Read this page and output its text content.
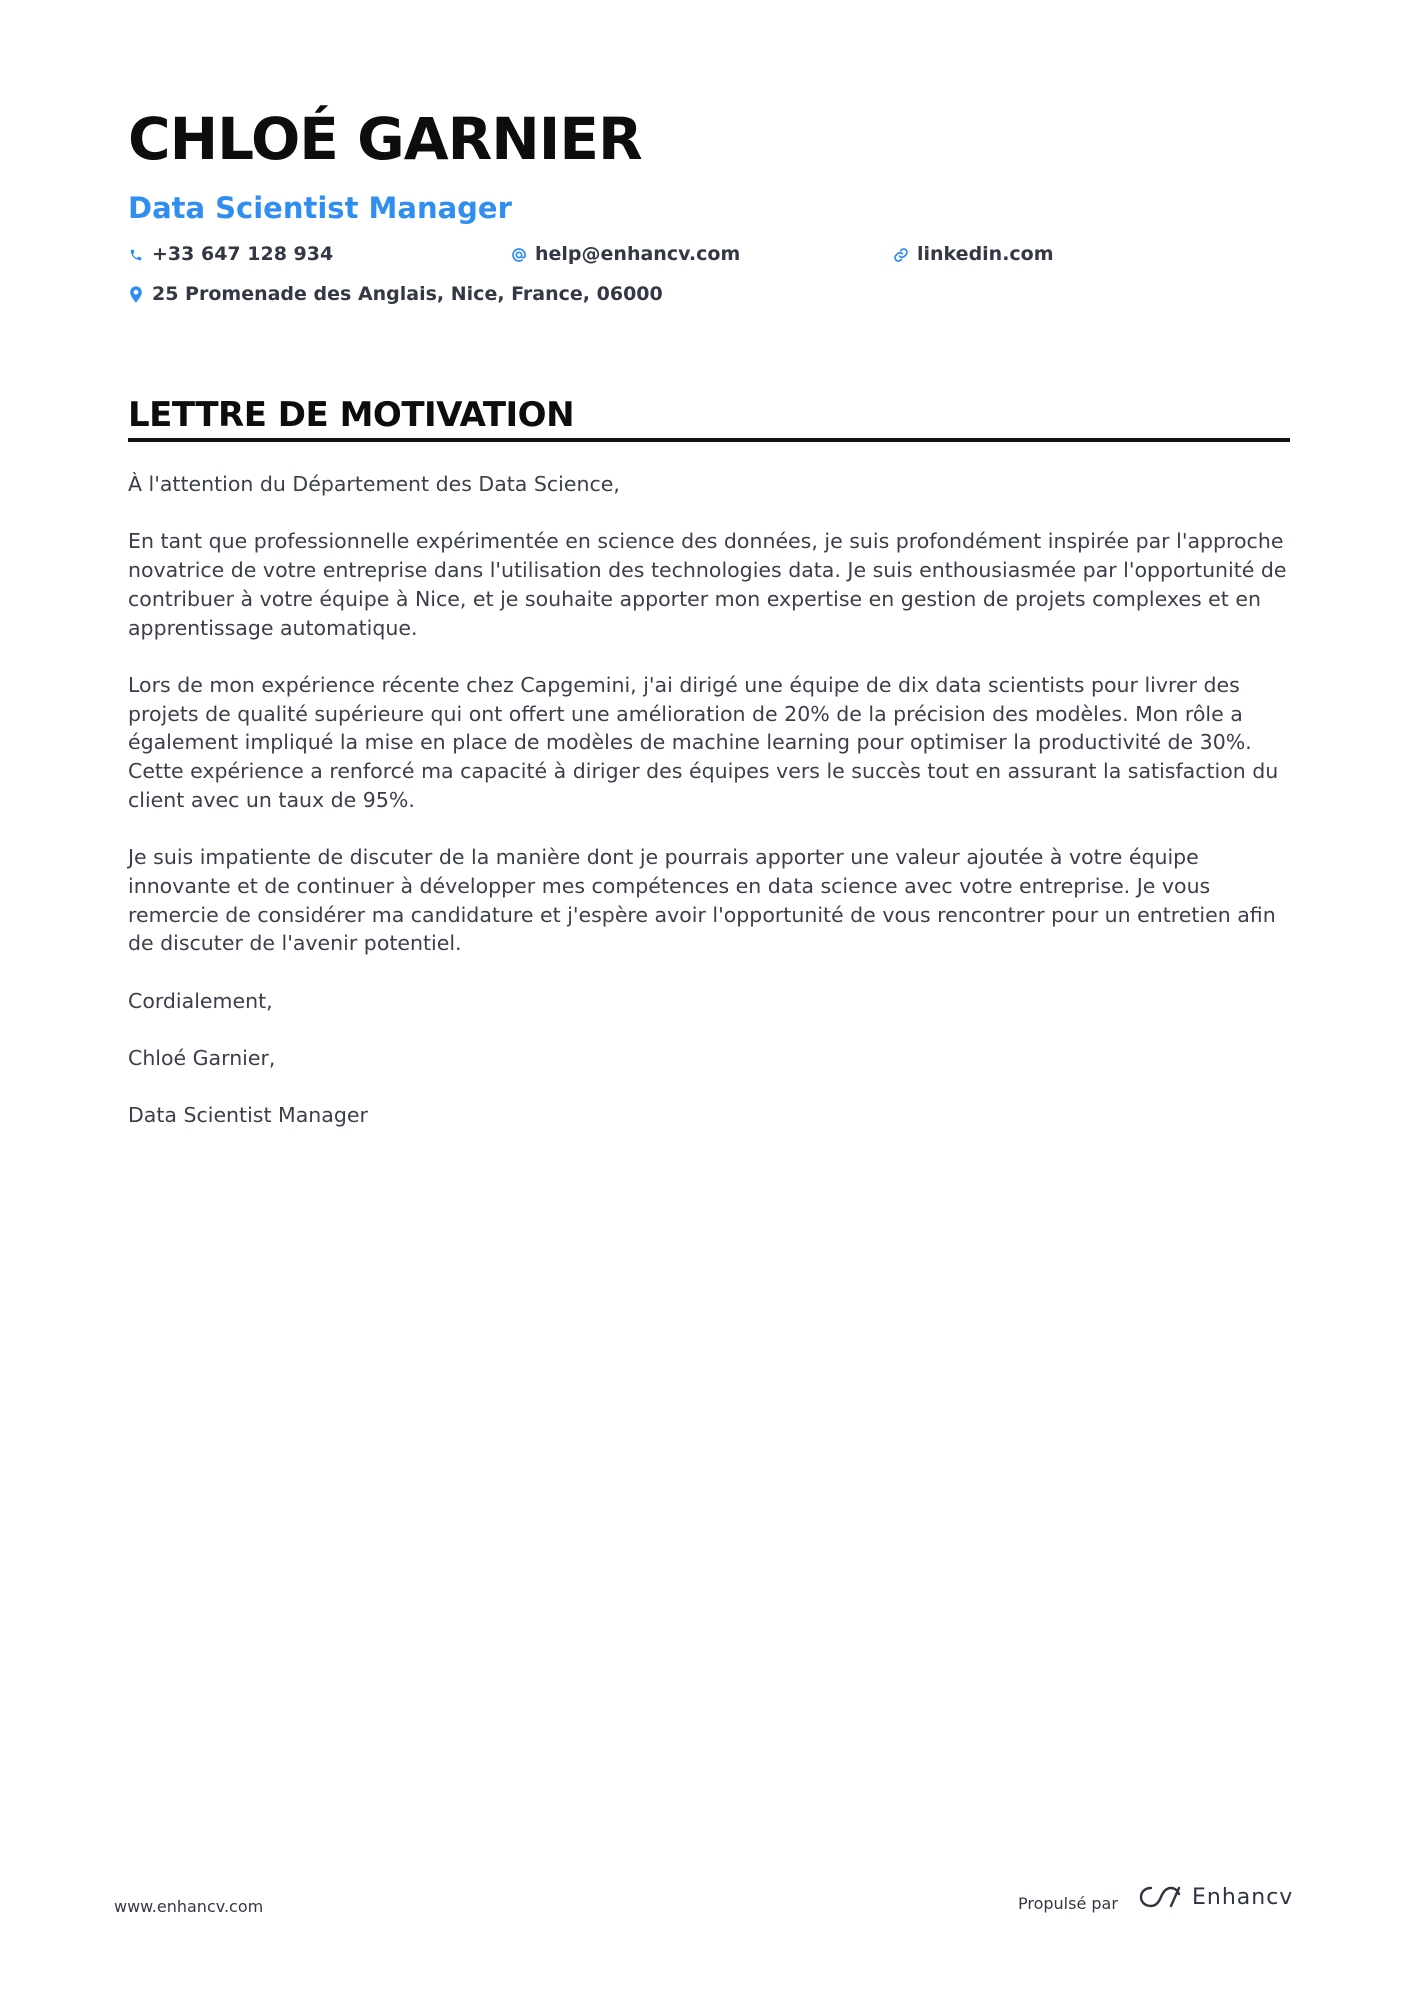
CHLOÉ GARNIER
Data Scientist Manager
+33 647 128 934	help@enhancv.com	linkedin.com
25 Promenade des Anglais, Nice, France, 06000
LETTRE DE MOTIVATION

À l'attention du Département des Data Science,

En tant que professionnelle expérimentée en science des données, je suis profondément inspirée par l'approche novatrice de votre entreprise dans l'utilisation des technologies data. Je suis enthousiasmée par l'opportunité de contribuer à votre équipe à Nice, et je souhaite apporter mon expertise en gestion de projets complexes et en apprentissage automatique.

Lors de mon expérience récente chez Capgemini, j'ai dirigé une équipe de dix data scientists pour livrer des projets de qualité supérieure qui ont offert une amélioration de 20% de la précision des modèles. Mon rôle a également impliqué la mise en place de modèles de machine learning pour optimiser la productivité de 30%. Cette expérience a renforcé ma capacité à diriger des équipes vers le succès tout en assurant la satisfaction du client avec un taux de 95%.

Je suis impatiente de discuter de la manière dont je pourrais apporter une valeur ajoutée à votre équipe innovante et de continuer à développer mes compétences en data science avec votre entreprise. Je vous remercie de considérer ma candidature et j'espère avoir l'opportunité de vous rencontrer pour un entretien afin de discuter de l'avenir potentiel.

Cordialement,

Chloé Garnier,

Data Scientist Manager

www.enhancv.com	Propulsé par	Enhancv
